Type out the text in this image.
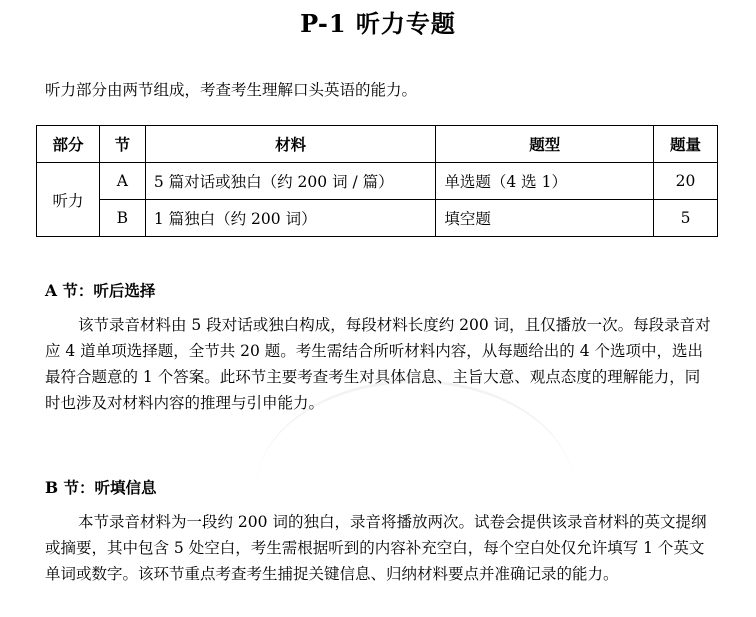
P-1 听力专题
听力部分由两节组成，考查考生理解口头英语的能力。
部分	节	材料	题型	题量
听力	A	5 篇对话或独白（约 200 词 / 篇）	单选题（4 选 1）	20
	B	1 篇独白（约 200 词）	填空题	5
A 节：听后选择

该节录音材料由 5 段对话或独白构成，每段材料长度约 200 词，且仅播放一次。每段录音对应 4 道单项选择题，全节共 20 题。考生需结合所听材料内容，从每题给出的 4 个选项中，选出最符合题意的 1 个答案。此环节主要考查考生对具体信息、主旨大意、观点态度的理解能力，同时也涉及对材料内容的推理与引申能力。

B 节：听填信息

本节录音材料为一段约 200 词的独白，录音将播放两次。试卷会提供该录音材料的英文提纲或摘要，其中包含 5 处空白，考生需根据听到的内容补充空白，每个空白处仅允许填写 1 个英文单词或数字。该环节重点考查考生捕捉关键信息、归纳材料要点并准确记录的能力。
